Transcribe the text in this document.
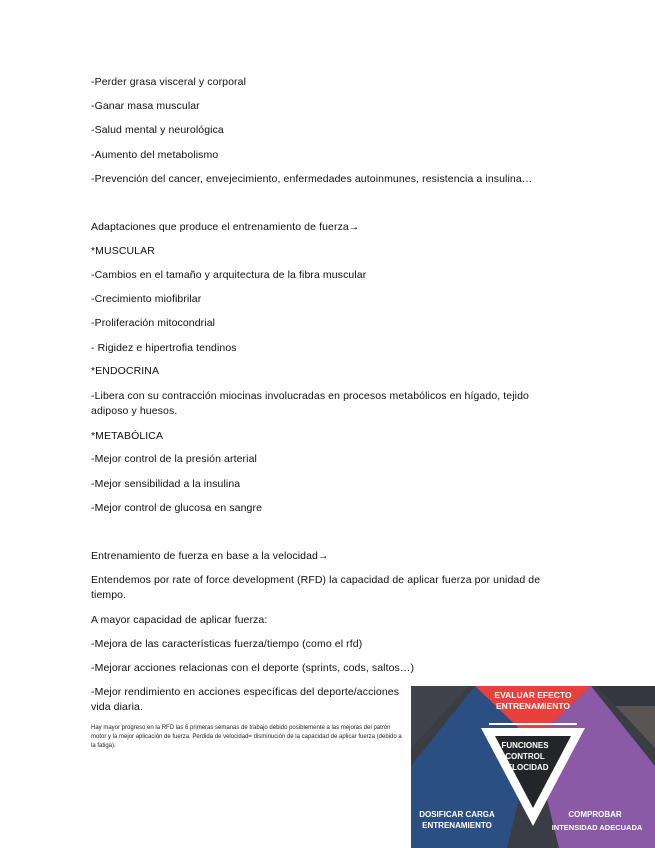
-Perder grasa visceral y corporal
-Ganar masa muscular
-Salud mental y neurológica
-Aumento del metabolismo
-Prevención del cancer, envejecimiento, enfermedades autoinmunes, resistencia a insulina…
Adaptaciones que produce el entrenamiento de fuerza→
*MUSCULAR
-Cambios en el tamaño y arquitectura de la fibra muscular
-Crecimiento miofibrilar
-Proliferación mitocondrial
- Rigidez e hipertrofia tendinos
*ENDOCRINA
-Libera con su contracción miocinas involucradas en procesos metabólicos en hígado, tejido adiposo y huesos.
*METABÓLICA
-Mejor control de la presión arterial
-Mejor sensibilidad a la insulina
-Mejor control de glucosa en sangre
Entrenamiento de fuerza en base a la velocidad→
Entendemos por rate of force development (RFD) la capacidad de aplicar fuerza por unidad de tiempo.
A mayor capacidad de aplicar fuerza:
-Mejora de las características fuerza/tiempo (como el rfd)
-Mejorar acciones relacionas con el deporte (sprints, cods, saltos…)
-Mejor rendimiento en acciones específicas del deporte/acciones vida diaria.
Hay mayor progreso en la RFD las 6 primeras semanas de trabajo debido posiblemente a las mejoras del patrón motor y la mejor aplicación de fuerza. Perdida de velocidad= disminución de la capacidad de aplicar fuerza (debido a la fatiga).
EVALUAR EFECTO
ENTRENAMIENTO
FUNCIONES
CONTROL
VELOCIDAD
DOSIFICAR CARGA
ENTRENAMIENTO
COMPROBAR
INTENSIDAD ADECUADA
